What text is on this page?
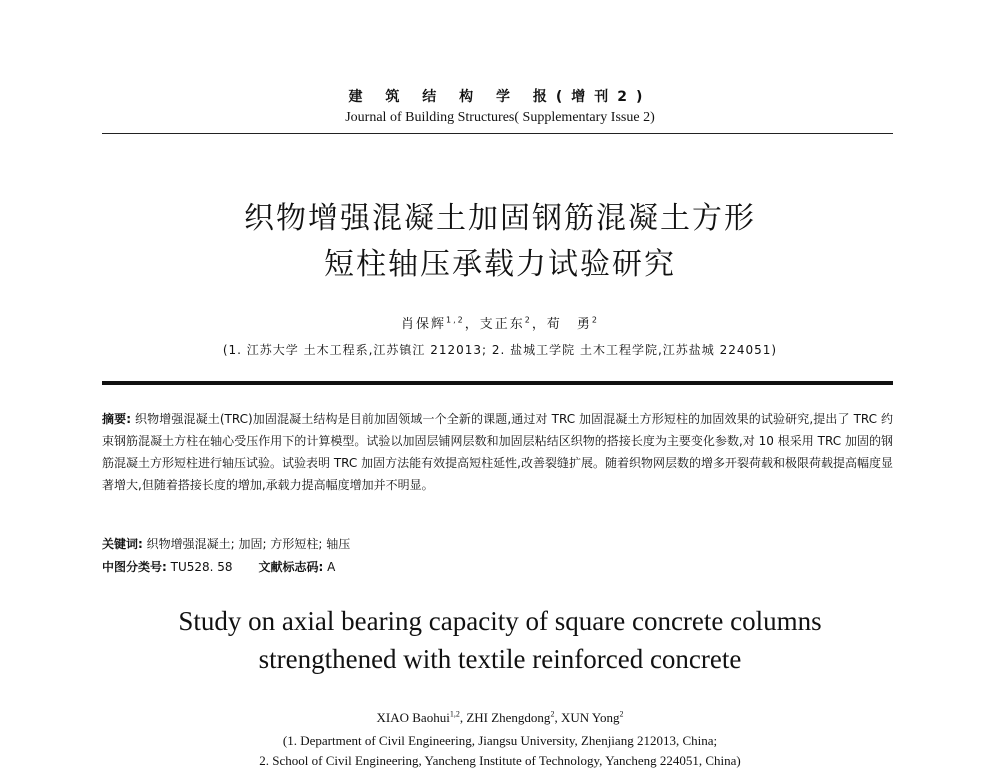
建 筑 结 构 学 报(增刊2)
Journal of Building Structures( Supplementary Issue 2)
织物增强混凝土加固钢筋混凝土方形
短柱轴压承载力试验研究
肖保辉$^{1,2}$，支正东$^2$，荀　勇$^2$
(1. 江苏大学 土木工程系,江苏镇江 212013; 2. 盐城工学院 土木工程学院,江苏盐城 224051)
摘要: 织物增强混凝土(TRC)加固混凝土结构是目前加固领域一个全新的课题,通过对 TRC 加固混凝土方形短柱的加固效果的试验研究,提出了 TRC 约束钢筋混凝土方柱在轴心受压作用下的计算模型。试验以加固层铺网层数和加固层粘结区织物的搭接长度为主要变化参数,对 10 根采用 TRC 加固的钢筋混凝土方形短柱进行轴压试验。试验表明 TRC 加固方法能有效提高短柱延性,改善裂缝扩展。随着织物网层数的增多开裂荷载和极限荷载提高幅度显著增大,但随着搭接长度的增加,承载力提高幅度增加并不明显。
关键词: 织物增强混凝土; 加固; 方形短柱; 轴压
中图分类号: TU528. 58 文献标志码: A
Study on axial bearing capacity of square concrete columns
strengthened with textile reinforced concrete
XIAO Baohui$^{1,2}$, ZHI Zhengdong$^2$, XUN Yong$^2$
(1. Department of Civil Engineering, Jiangsu University, Zhenjiang 212013, China;
2. School of Civil Engineering, Yancheng Institute of Technology, Yancheng 224051, China)
